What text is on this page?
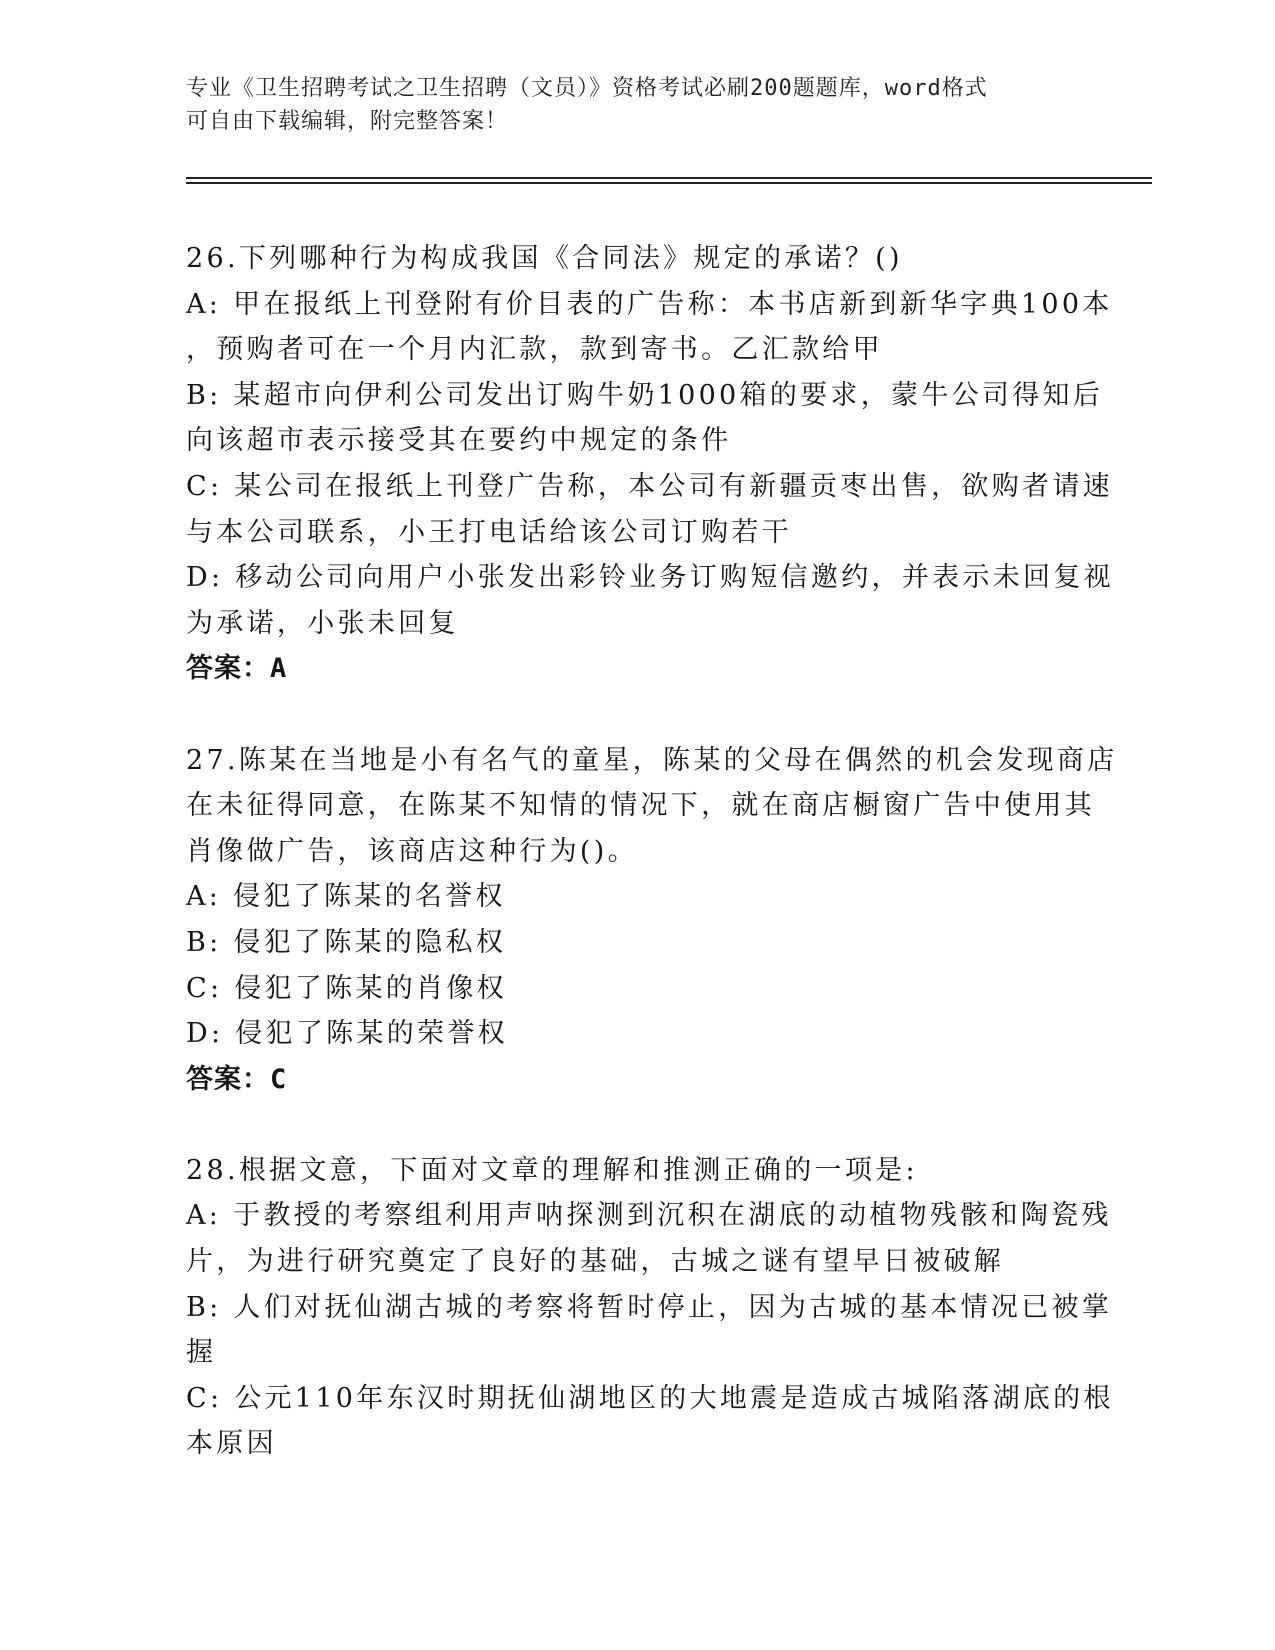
专业《卫生招聘考试之卫生招聘（文员）》资格考试必刷200题题库，word格式
可自由下载编辑，附完整答案！
26.下列哪种行为构成我国《合同法》规定的承诺？()
A: 甲在报纸上刊登附有价目表的广告称：本书店新到新华字典100本
，预购者可在一个月内汇款，款到寄书。乙汇款给甲
B: 某超市向伊利公司发出订购牛奶1000箱的要求，蒙牛公司得知后
向该超市表示接受其在要约中规定的条件
C: 某公司在报纸上刊登广告称，本公司有新疆贡枣出售，欲购者请速
与本公司联系，小王打电话给该公司订购若干
D: 移动公司向用户小张发出彩铃业务订购短信邀约，并表示未回复视
为承诺，小张未回复
答案：A
27.陈某在当地是小有名气的童星，陈某的父母在偶然的机会发现商店
在未征得同意，在陈某不知情的情况下，就在商店橱窗广告中使用其
肖像做广告，该商店这种行为()。
A: 侵犯了陈某的名誉权
B: 侵犯了陈某的隐私权
C: 侵犯了陈某的肖像权
D: 侵犯了陈某的荣誉权
答案：C
28.根据文意，下面对文章的理解和推测正确的一项是:
A: 于教授的考察组利用声呐探测到沉积在湖底的动植物残骸和陶瓷残
片，为进行研究奠定了良好的基础，古城之谜有望早日被破解
B: 人们对抚仙湖古城的考察将暂时停止，因为古城的基本情况已被掌
握
C: 公元110年东汉时期抚仙湖地区的大地震是造成古城陷落湖底的根
本原因
